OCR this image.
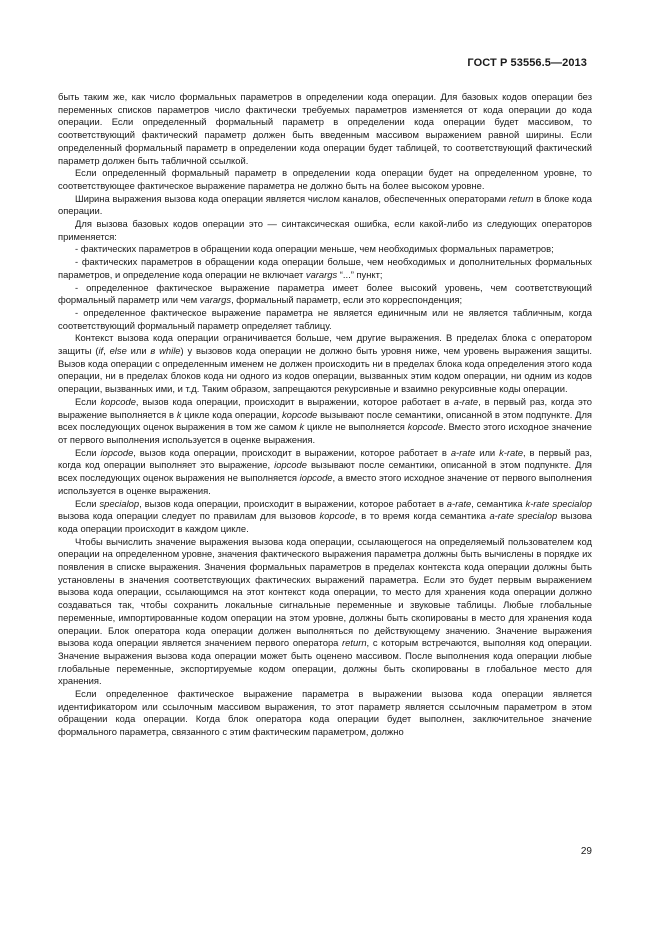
ГОСТ Р 53556.5—2013

быть таким же, как число формальных параметров в определении кода операции. Для базовых кодов операции без переменных списков параметров число фактически требуемых параметров изменяется от кода операции до кода операции. Если определенный формальный параметр в определении кода операции будет массивом, то соответствующий фактический параметр должен быть введенным массивом выражением равной ширины. Если определенный формальный параметр в определении кода операции будет таблицей, то соответствующий фактический параметр должен быть табличной ссылкой.

Если определенный формальный параметр в определении кода операции будет на определенном уровне, то соответствующее фактическое выражение параметра не должно быть на более высоком уровне.

Ширина выражения вызова кода операции является числом каналов, обеспеченных операторами return в блоке кода операции.

Для вызова базовых кодов операции это — синтаксическая ошибка, если какой-либо из следующих операторов применяется:

- фактических параметров в обращении кода операции меньше, чем необходимых формальных параметров;

- фактических параметров в обращении кода операции больше, чем необходимых и дополнительных формальных параметров, и определение кода операции не включает varargs “...” пункт;

- определенное фактическое выражение параметра имеет более высокий уровень, чем соответствующий формальный параметр или чем varargs, формальный параметр, если это корреспонденция;

- определенное фактическое выражение параметра не является единичным или не является табличным, когда соответствующий формальный параметр определяет таблицу.

Контекст вызова кода операции ограничивается больше, чем другие выражения. В пределах блока с оператором защиты (if, else или в while) у вызовов кода операции не должно быть уровня ниже, чем уровень выражения защиты. Вызов кода операции с определенным именем не должен происходить ни в пределах блока кода определения этого кода операции, ни в пределах блоков кода ни одного из кодов операции, вызванных этим кодом операции, ни одним из кодов операции, вызванных ими, и т.д. Таким образом, запрещаются рекурсивные и взаимно рекурсивные коды операции.

Если kopcode, вызов кода операции, происходит в выражении, которое работает в a-rate, в первый раз, когда это выражение выполняется в k цикле кода операции, kopcode вызывают после семантики, описанной в этом подпункте. Для всех последующих оценок выражения в том же самом k цикле не выполняется kopcode. Вместо этого исходное значение от первого выполнения используется в оценке выражения.

Если iopcode, вызов кода операции, происходит в выражении, которое работает в a-rate или k-rate, в первый раз, когда код операции выполняет это выражение, iopcode вызывают после семантики, описанной в этом подпункте. Для всех последующих оценок выражения не выполняется iopcode, а вместо этого исходное значение от первого выполнения используется в оценке выражения.

Если specialop, вызов кода операции, происходит в выражении, которое работает в a-rate, семантика k-rate specialop вызова кода операции следует по правилам для вызовов kopcode, в то время когда семантика a-rate specialop вызова кода операции происходит в каждом цикле.

Чтобы вычислить значение выражения вызова кода операции, ссылающегося на определяемый пользователем код операции на определенном уровне, значения фактического выражения параметра должны быть вычислены в порядке их появления в списке выражения. Значения формальных параметров в пределах контекста кода операции должны быть установлены в значения соответствующих фактических выражений параметра. Если это будет первым выражением вызова кода операции, ссылающимся на этот контекст кода операции, то место для хранения кода операции должно создаваться так, чтобы сохранить локальные сигнальные переменные и звуковые таблицы. Любые глобальные переменные, импортированные кодом операции на этом уровне, должны быть скопированы в место для хранения кода операции. Блок оператора кода операции должен выполняться по действующему значению. Значение выражения вызова кода операции является значением первого оператора return, с которым встречаются, выполняя код операции. Значение выражения вызова кода операции может быть оценено массивом. После выполнения кода операции любые глобальные переменные, экспортируемые кодом операции, должны быть скопированы в глобальное место для хранения.

Если определенное фактическое выражение параметра в выражении вызова кода операции является идентификатором или ссылочным массивом выражения, то этот параметр является ссылочным параметром в этом обращении кода операции. Когда блок оператора кода операции будет выполнен, заключительное значение формального параметра, связанного с этим фактическим параметром, должно

29
